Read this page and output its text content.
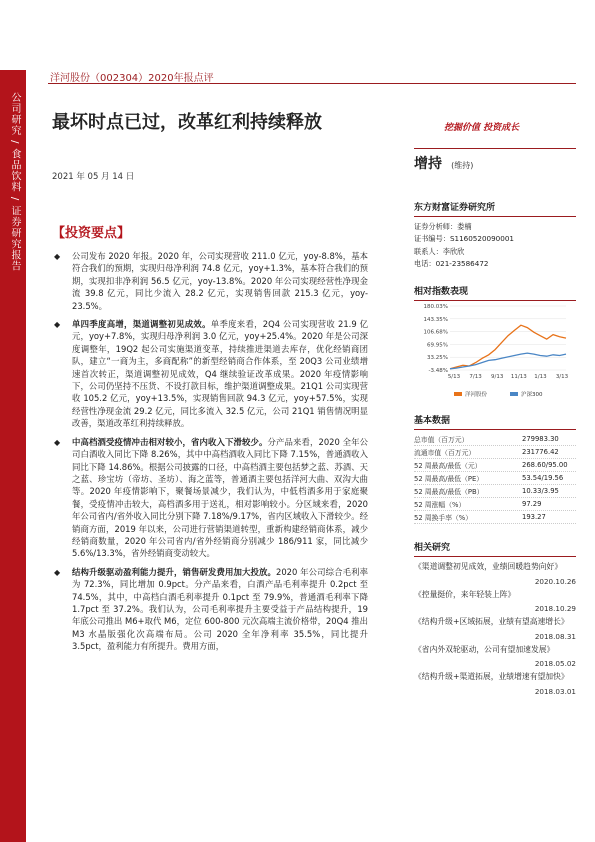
公司研究 / 食品饮料 / 证券研究报告
洋河股份（002304）2020年报点评
最坏时点已过，改革红利持续释放	挖掘价值 投资成长
2021 年 05 月 14 日
增持 (维持)
【投资要点】
◆ 公司发布 2020 年报。2020 年，公司实现营收 211.0 亿元，yoy-8.8%，基本符合我们的预期，实现归母净利润 74.8 亿元，yoy+1.3%，基本符合我们的预期，实现扣非净利润 56.5 亿元，yoy-13.8%。2020 年公司实现经营性净现金流 39.8 亿元，同比少流入 28.2 亿元，实现销售回款 215.3 亿元，yoy-23.5%。
◆ 单四季度高增，渠道调整初见成效。单季度来看，2Q4 公司实现营收 21.9 亿元，yoy+7.8%，实现归母净利润 3.0 亿元，yoy+25.4%。2020 年是公司深度调整年，19Q2 起公司实施渠道变革，持续推进渠道去库存，优化经销商团队，建立“一商为主，多商配称”的新型经销商合作体系，至 20Q3 公司业绩增速首次转正，渠道调整初见成效，Q4 继续验证改革成果。2020 年疫情影响下，公司仍坚持不压货、不设打款目标，维护渠道调整成果。21Q1 公司实现营收 105.2 亿元，yoy+13.5%，实现销售回款 94.3 亿元，yoy+57.5%，实现经营性净现金流 29.2 亿元，同比多流入 32.5 亿元，公司 21Q1 销售情况明显改善，渠道改革红利持续释放。
◆ 中高档酒受疫情冲击相对较小，省内收入下滑较少。分产品来看，2020 全年公司白酒收入同比下降 8.26%，其中中高档酒收入同比下降 7.15%，普通酒收入同比下降 14.86%。根据公司披露的口径，中高档酒主要包括梦之蓝、苏酒、天之蓝、珍宝坊（帝坊、圣坊）、海之蓝等，普通酒主要包括洋河大曲、双沟大曲等。2020 年疫情影响下，聚餐场景减少，我们认为，中低档酒多用于家庭聚餐，受疫情冲击较大，高档酒多用于送礼，相对影响较小。分区域来看，2020 年公司省内/省外收入同比分别下降 7.18%/9.17%，省内区域收入下滑较少。经销商方面，2019 年以来，公司进行营销渠道转型，重新构建经销商体系，减少经销商数量，2020 年公司省内/省外经销商分别减少 186/911 家，同比减少 5.6%/13.3%，省外经销商变动较大。
◆ 结构升级驱动盈利能力提升，销售研发费用加大投放。2020 年公司综合毛利率为 72.3%，同比增加 0.9pct。分产品来看，白酒产品毛利率提升 0.2pct 至 74.5%，其中，中高档白酒毛利率提升 0.1pct 至 79.9%，普通酒毛利率下降 1.7pct 至 37.2%。我们认为，公司毛利率提升主要受益于产品结构提升，19 年底公司推出 M6+取代 M6，定位 600-800 元次高端主流价格带，20Q4 推出 M3 水晶版强化次高端布局。公司 2020 全年净利率 35.5%，同比提升 3.5pct，盈利能力有所提升。费用方面，
东方财富证券研究所
证券分析师：娄楠
证书编号：S1160520090001
联系人：李欣欣
电话：021-23586472
相对指数表现
180.03%
143.35%
106.68%
69.95%
33.25%
-3.48%
5/13 7/13 9/13 11/13 1/13 3/13
洋河股份	沪深300
基本数据
总市值（百万元）	279983.30
流通市值（百万元）	231776.42
52 周最高/最低（元）	268.60/95.00
52 周最高/最低（PE）	53.54/19.56
52 周最高/最低（PB）	10.33/3.95
52 周涨幅（%）	97.29
52 周换手率（%）	193.27
相关研究
《渠道调整初见成效，业绩回暖趋势向好》
2020.10.26
《控量挺价，来年轻装上阵》
2018.10.29
《结构升级+区域拓展，业绩有望高速增长》
2018.08.31
《省内外双轮驱动，公司有望加速发展》
2018.05.02
《结构升级+渠道拓展，业绩增速有望加快》
2018.03.01
